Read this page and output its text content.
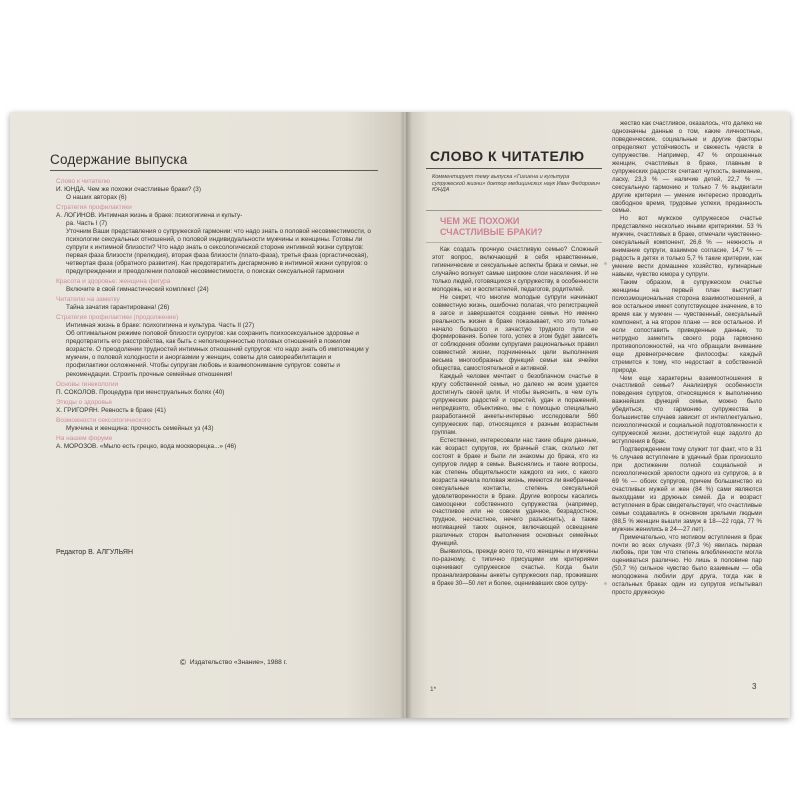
Содержание выпуска
Слово к читателю
И. ЮНДА. Чем же похожи счастливые браки? (3)
О наших авторах (6)
Стратегия профилактики
А. ЛОГИНОВ. Интимная жизнь в браке: психогигиена и культу-
ра. Часть I (7)
Уточним Ваши представления о супружеской гармонии: что надо знать о половой несовместимости, о психологии сексуальных отношений, о половой индивидуальности мужчины и женщины. Готовы ли супруги к интимной близости? Что надо знать о сексологической стороне интимной жизни супругов: первая фаза близости (прелюдия), вторая фаза близости (плато-фаза), третья фаза (оргастическая), четвертая фаза (обратного развития). Как предотвратить дисгармонию в интимной жизни супругов: о предупреждении и преодолении половой несовместимости, о поисках сексуальной гармонии
Красота и здоровье: женщина фигура
Включите в свой гимнастический комплекс! (24)
Читателю на заметку
Тайна зачатия гарантирована! (26)
Стратегия профилактики (продолжение)
Интимная жизнь в браке: психогигиена и культура. Часть II (27)
Об оптимальном режиме половой близости супругов: как сохранить психосексуальное здоровье и предотвратить его расстройства, как быть с неполноценностью половых отношений в пожилом возрасте. О преодолении трудностей интимных отношений супругов: что надо знать об импотенции у мужчин, о половой холодности и аноргазмии у женщин, советы для самореабилитации и профилактики осложнений. Чтобы супругам любовь и взаимопонимание супругов: советы и рекомендации. Строить прочные семейные отношения!
Основы гинекологии
П. СОКОЛОВ. Процедура при менструальных болях (40)
Этюды о здоровье
Х. ГРИГОРЯН. Ревность в браке (41)
Возможности сексологического
Мужчина и женщина: прочность семейных уз (43)
На нашем форуме
А. МОРОЗОВ. «Мыло есть грецко, вода москворецка...» (46)
Редактор В. АЛГУЛЬЯН
© Издательство «Знание», 1988 г.
СЛОВО К ЧИТАТЕЛЮ
Комментирует тему выпуска «Гигиена и культура супружеской жизни» доктор медицинских наук Иван Федорович ЮНДА
ЧЕМ ЖЕ ПОХОЖИ
СЧАСТЛИВЫЕ БРАКИ?

Как создать прочную счастливую семью? Сложный этот вопрос, включающий в себя нравственные, гигиенические и сексуальные аспекты брака и семьи, не случайно волнует самые широкие слои населения. И не только людей, готовящихся к супружеству, в особенности молодежь, но и воспитателей, педагогов, родителей.

Не секрет, что многие молодые супруги начинают совместную жизнь, ошибочно полагая, что регистрацией в загсе и завершается создание семьи. Но именно реальность жизни в браке показывает, что это только начало большого и зачастую трудного пути ее формирования. Более того, успех в этом будет зависеть от соблюдения обоими супругами рациональных правил совместной жизни, подчиненных цели выполнения весьма многообразных функций семьи как ячейки общества, самостоятельной и активной.

Каждый человек мечтает о безоблачном счастье в кругу собственной семьи, но далеко не всем удается достигнуть своей цели. И чтобы выяснить, в чем суть супружеских радостей и горестей, удач и поражений, непредвзято, объективно, мы с помощью специально разработанной анкеты-интервью исследовали 560 супружеских пар, относящихся к разным возрастным группам.

Естественно, интересовали нас такие общие данные, как возраст супругов, их брачный стаж, сколько лет состоят в браке и были ли знакомы до брака, кто из супругов лидер в семье. Выяснялись и такие вопросы, как степень общительности каждого из них, с какого возраста начала половая жизнь, имеются ли внебрачные сексуальные контакты, степень сексуальной удовлетворенности в браке. Другие вопросы касались самооценки собственного супружества (например, счастливое или не совсем удачное, безрадостное, трудное, несчастное, нечего разъяснить), а также мотивацией таких оценок, включающей освещение различных сторон выполнения основных семейных функций.

Выявилось, прежде всего то, что женщины и мужчины по-разному, с типично присущими им критериями оценивают супружеское счастье. Когда были проанализированы анкеты супружеских пар, проживших в браке 30—50 лет и более, оценивавших свое супру-

жество как счастливое, оказалось, что далеко не однозначны данные о том, какие личностные, поведенческие, социальные и другие факторы определяют устойчивость и свежесть чувств в супружестве. Например, 47 % опрошенных женщин, счастливых в браке, главным в супружеских радостях считают чуткость, внимание, ласку, 23,3 % — наличие детей, 22,7 % — сексуальную гармонию и только 7 % выдвигали другие критерии — умение интересно проводить свободное время, трудовые успехи, преданность семье.

Но вот мужское супружеское счастье представлено несколько иными критериями. 53 % мужчин, счастливых в браке, отмечали чувственно-сексуальный компонент, 26,6 % — нежность и внимание супруги, взаимное согласие, 14,7 % — радость в детях и только 5,7 % такие критерии, как умение вести домашнее хозяйство, кулинарные навыки, чувство юмора у супруги.

Таким образом, в супружеском счастье женщины на первый план выступает психоэмоциональная сторона взаимоотношений, а все остальное имеет сопутствующее значение, в то время как у мужчин — чувственный, сексуальный компонент, а на второе плане — все остальное. И если сопоставить приведенные данные, то нетрудно заметить своего рода гармонию противоположностей, на что обращали внимание еще древнегреческие философы: каждый стремится к тому, что недостает в собственной природе.

Чем еще характерны взаимоотношения в счастливой семье? Анализируя особенности поведения супругов, относящиеся к выполнению важнейших функций семьи, можно было убедиться, что гармонию супружества в большинстве случаев зависит от интеллектуально, психологической и социальной подготовленности к супружеской жизни, достигнутой еще задолго до вступления в брак.

Подтверждением тому служит тот факт, что в 31 % случаев вступление в удачный брак произошло при достижении полной социальной и психологической зрелости одного из супругов, а в 69 % — обоих супругов, причем большинство из счастливых мужей и жен (84 %) сами являются выходцами из дружных семей. Да и возраст вступления в брак свидетельствует, что счастливые семьи создавались в основном зрелыми людьми (88,5 % женщин вышли замуж в 18—22 года, 77 % мужчин женились в 24—27 лет).

Примечательно, что мотивом вступления в брак почти во всех случаях (97,3 %) явилась первая любовь, при том что степень влюбленности могла оцениваться различно. Но лишь в половине пар (50,7 %) сильное чувство было взаимным — оба молодожена любили друг друга, тогда как в остальных браках один из супругов испытывал просто дружескую

1*	3
